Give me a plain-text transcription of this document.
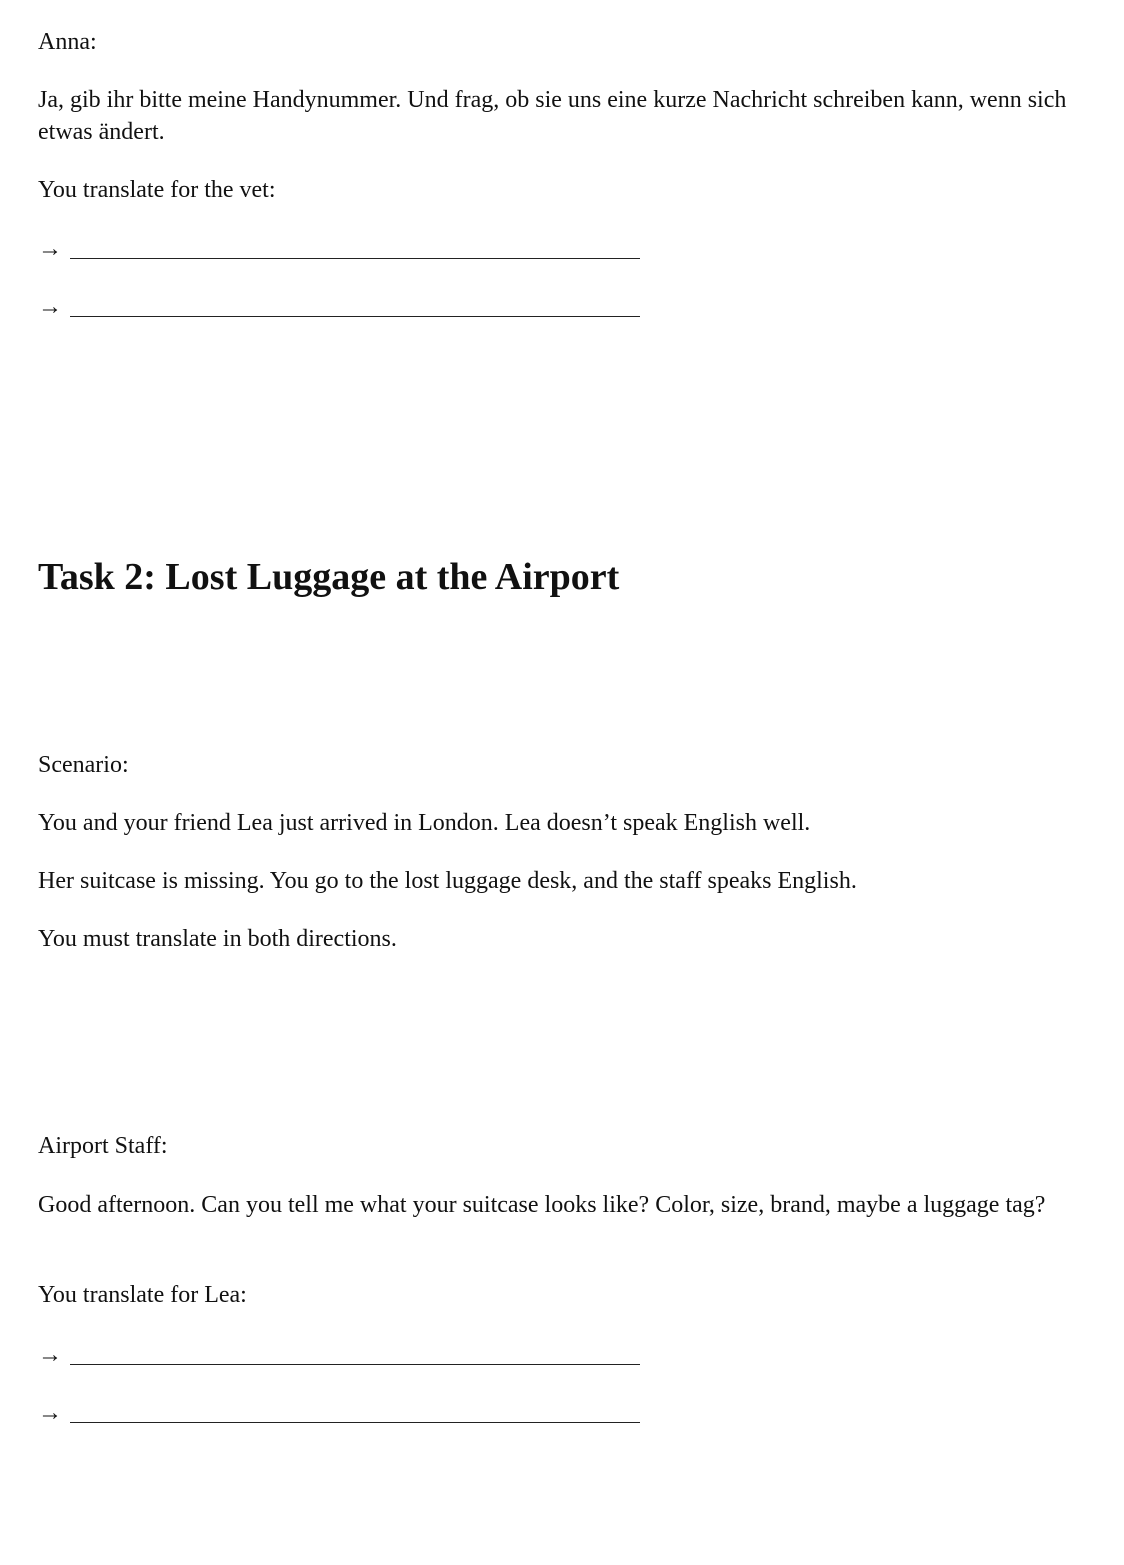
Anna:

Ja, gib ihr bitte meine Handynummer. Und frag, ob sie uns eine kurze Nachricht schreiben kann, wenn sich etwas ändert.

You translate for the vet:

→
→
Task 2: Lost Luggage at the Airport

Scenario:

You and your friend Lea just arrived in London. Lea doesn’t speak English well.

Her suitcase is missing. You go to the lost luggage desk, and the staff speaks English.

You must translate in both directions.

Airport Staff:

Good afternoon. Can you tell me what your suitcase looks like? Color, size, brand, maybe a luggage tag?

You translate for Lea:

→
→
